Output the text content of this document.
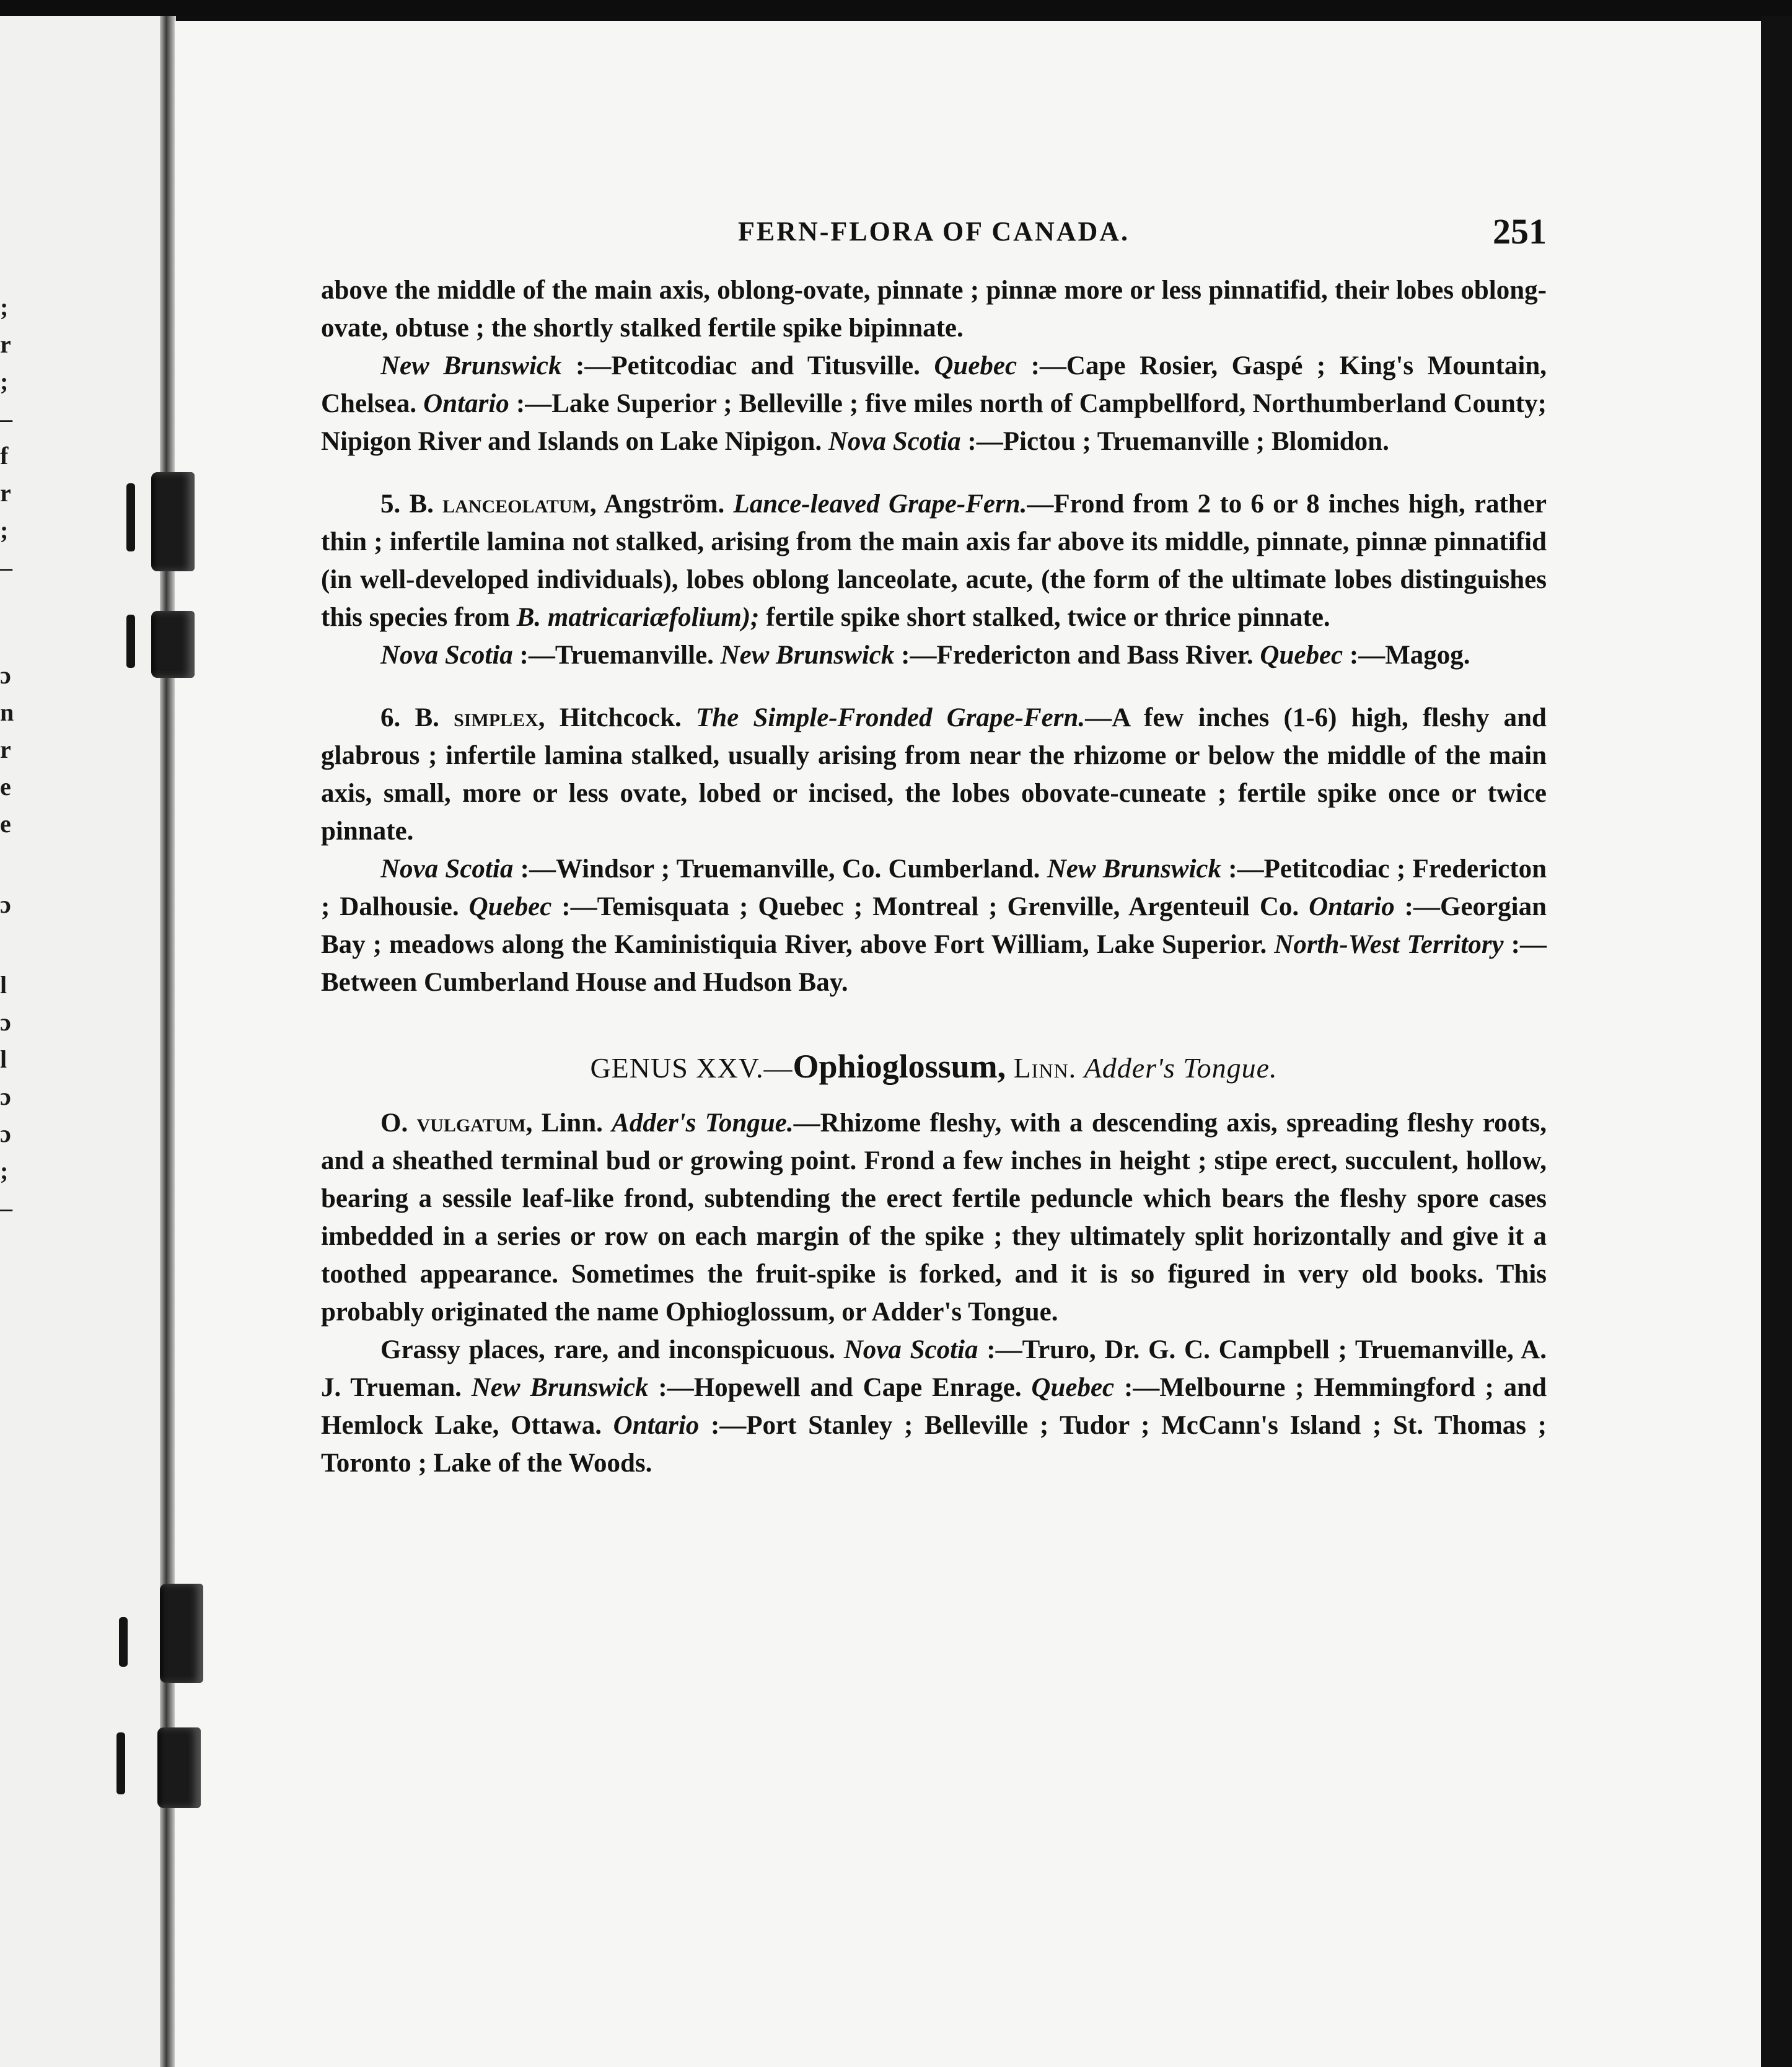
;
r
;
–
f
r
;
–
ɔ
n
r
e
e
ɔ
l
ɔ
l
ɔ
ɔ
;
–
FERN-FLORA OF CANADA.	251

above the middle of the main axis, oblong-ovate, pinnate ; pinnæ more or less pinnatifid, their lobes oblong-ovate, obtuse ; the shortly stalked fertile spike bipinnate.

New Brunswick :—Petitcodiac and Titusville. Quebec :—Cape Rosier, Gaspé ; King's Mountain, Chelsea. Ontario :—Lake Superior ; Belleville ; five miles north of Campbellford, Northumberland County; Nipigon River and Islands on Lake Nipigon. Nova Scotia :—Pictou ; Truemanville ; Blomidon.

5. B. lanceolatum, Angström. Lance-leaved Grape-Fern.—Frond from 2 to 6 or 8 inches high, rather thin ; infertile lamina not stalked, arising from the main axis far above its middle, pinnate, pinnæ pinnatifid (in well-developed individuals), lobes oblong lanceolate, acute, (the form of the ultimate lobes distinguishes this species from B. matricariæfolium); fertile spike short stalked, twice or thrice pinnate.

Nova Scotia :—Truemanville. New Brunswick :—Fredericton and Bass River. Quebec :—Magog.

6. B. simplex, Hitchcock. The Simple-Fronded Grape-Fern.—A few inches (1-6) high, fleshy and glabrous ; infertile lamina stalked, usually arising from near the rhizome or below the middle of the main axis, small, more or less ovate, lobed or incised, the lobes obovate-cuneate ; fertile spike once or twice pinnate.

Nova Scotia :—Windsor ; Truemanville, Co. Cumberland. New Brunswick :—Petitcodiac ; Fredericton ; Dalhousie. Quebec :—Temisquata ; Quebec ; Montreal ; Grenville, Argenteuil Co. Ontario :—Georgian Bay ; meadows along the Kaministiquia River, above Fort William, Lake Superior. North-West Territory :—Between Cumberland House and Hudson Bay.

GENUS XXV.—Ophioglossum, Linn. Adder's Tongue.

O. vulgatum, Linn. Adder's Tongue.—Rhizome fleshy, with a descending axis, spreading fleshy roots, and a sheathed terminal bud or growing point. Frond a few inches in height ; stipe erect, succulent, hollow, bearing a sessile leaf-like frond, subtending the erect fertile peduncle which bears the fleshy spore cases imbedded in a series or row on each margin of the spike ; they ultimately split horizontally and give it a toothed appearance. Sometimes the fruit-spike is forked, and it is so figured in very old books. This probably originated the name Ophioglossum, or Adder's Tongue.

Grassy places, rare, and inconspicuous. Nova Scotia :—Truro, Dr. G. C. Campbell ; Truemanville, A. J. Trueman. New Brunswick :—Hopewell and Cape Enrage. Quebec :—Melbourne ; Hemmingford ; and Hemlock Lake, Ottawa. Ontario :—Port Stanley ; Belleville ; Tudor ; McCann's Island ; St. Thomas ; Toronto ; Lake of the Woods.
